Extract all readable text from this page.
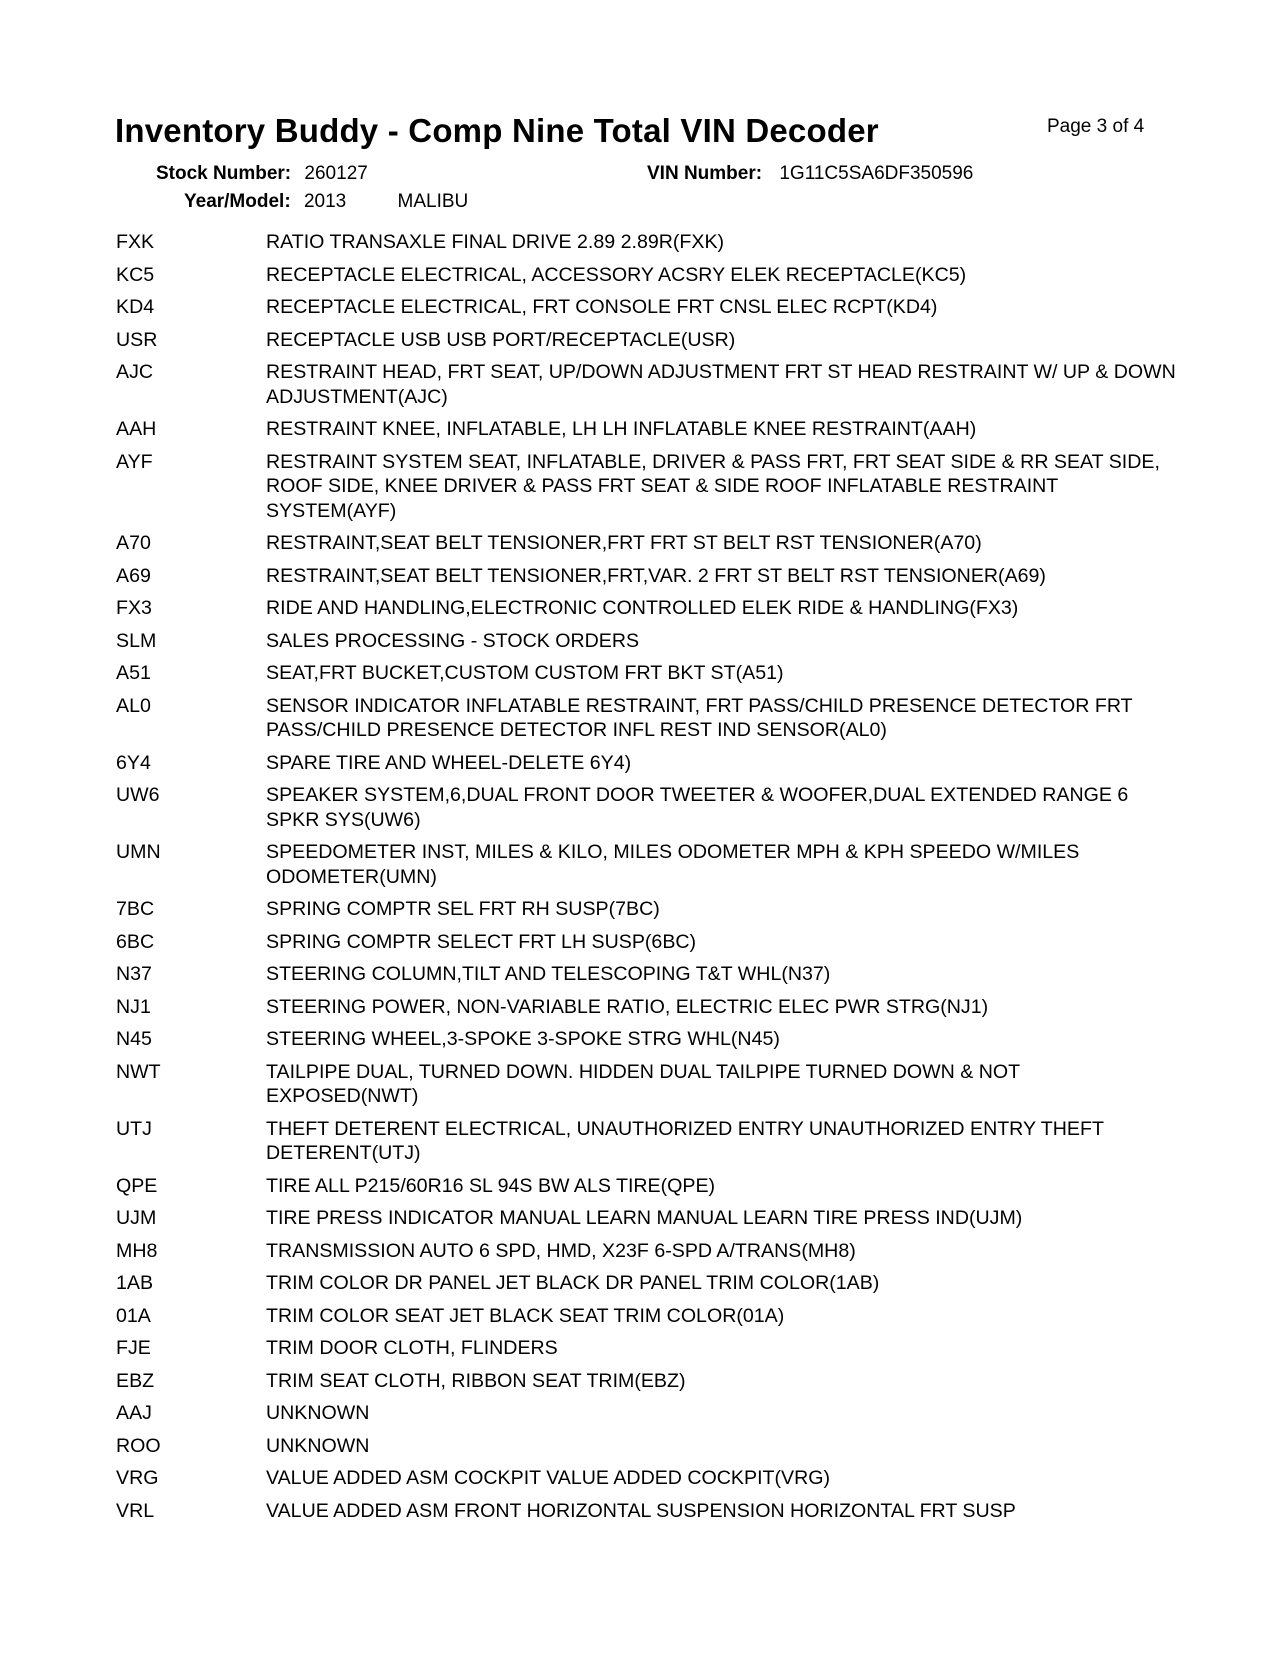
Inventory Buddy - Comp Nine Total VIN Decoder	Page 3 of 4
Stock Number: 260127	VIN Number: 1G11C5SA6DF350596
Year/Model: 2013	MALIBU
FXK	RATIO TRANSAXLE FINAL DRIVE 2.89 2.89R(FXK)
KC5	RECEPTACLE ELECTRICAL, ACCESSORY ACSRY ELEK RECEPTACLE(KC5)
KD4	RECEPTACLE ELECTRICAL, FRT CONSOLE FRT CNSL ELEC RCPT(KD4)
USR	RECEPTACLE USB USB PORT/RECEPTACLE(USR)
AJC	RESTRAINT HEAD, FRT SEAT, UP/DOWN ADJUSTMENT FRT ST HEAD RESTRAINT W/ UP & DOWN ADJUSTMENT(AJC)
AAH	RESTRAINT KNEE, INFLATABLE, LH LH INFLATABLE KNEE RESTRAINT(AAH)
AYF	RESTRAINT SYSTEM SEAT, INFLATABLE, DRIVER & PASS FRT, FRT SEAT SIDE & RR SEAT SIDE, ROOF SIDE, KNEE DRIVER & PASS FRT SEAT & SIDE ROOF INFLATABLE RESTRAINT SYSTEM(AYF)
A70	RESTRAINT,SEAT BELT TENSIONER,FRT FRT ST BELT RST TENSIONER(A70)
A69	RESTRAINT,SEAT BELT TENSIONER,FRT,VAR. 2 FRT ST BELT RST TENSIONER(A69)
FX3	RIDE AND HANDLING,ELECTRONIC CONTROLLED ELEK RIDE & HANDLING(FX3)
SLM	SALES PROCESSING - STOCK ORDERS
A51	SEAT,FRT BUCKET,CUSTOM CUSTOM FRT BKT ST(A51)
AL0	SENSOR INDICATOR INFLATABLE RESTRAINT, FRT PASS/CHILD PRESENCE DETECTOR FRT PASS/CHILD PRESENCE DETECTOR INFL REST IND SENSOR(AL0)
6Y4	SPARE TIRE AND WHEEL-DELETE 6Y4)
UW6	SPEAKER SYSTEM,6,DUAL FRONT DOOR TWEETER & WOOFER,DUAL EXTENDED RANGE 6 SPKR SYS(UW6)
UMN	SPEEDOMETER INST, MILES & KILO, MILES ODOMETER MPH & KPH SPEEDO W/MILES ODOMETER(UMN)
7BC	SPRING COMPTR SEL FRT RH SUSP(7BC)
6BC	SPRING COMPTR SELECT FRT LH SUSP(6BC)
N37	STEERING COLUMN,TILT AND TELESCOPING T&T WHL(N37)
NJ1	STEERING POWER, NON-VARIABLE RATIO, ELECTRIC ELEC PWR STRG(NJ1)
N45	STEERING WHEEL,3-SPOKE 3-SPOKE STRG WHL(N45)
NWT	TAILPIPE DUAL, TURNED DOWN. HIDDEN DUAL TAILPIPE TURNED DOWN & NOT EXPOSED(NWT)
UTJ	THEFT DETERENT ELECTRICAL, UNAUTHORIZED ENTRY UNAUTHORIZED ENTRY THEFT DETERENT(UTJ)
QPE	TIRE ALL P215/60R16 SL 94S BW ALS TIRE(QPE)
UJM	TIRE PRESS INDICATOR MANUAL LEARN MANUAL LEARN TIRE PRESS IND(UJM)
MH8	TRANSMISSION AUTO 6 SPD, HMD, X23F 6-SPD A/TRANS(MH8)
1AB	TRIM COLOR DR PANEL JET BLACK DR PANEL TRIM COLOR(1AB)
01A	TRIM COLOR SEAT JET BLACK SEAT TRIM COLOR(01A)
FJE	TRIM DOOR CLOTH, FLINDERS
EBZ	TRIM SEAT CLOTH, RIBBON SEAT TRIM(EBZ)
AAJ	UNKNOWN
ROO	UNKNOWN
VRG	VALUE ADDED ASM COCKPIT VALUE ADDED COCKPIT(VRG)
VRL	VALUE ADDED ASM FRONT HORIZONTAL SUSPENSION HORIZONTAL FRT SUSP
